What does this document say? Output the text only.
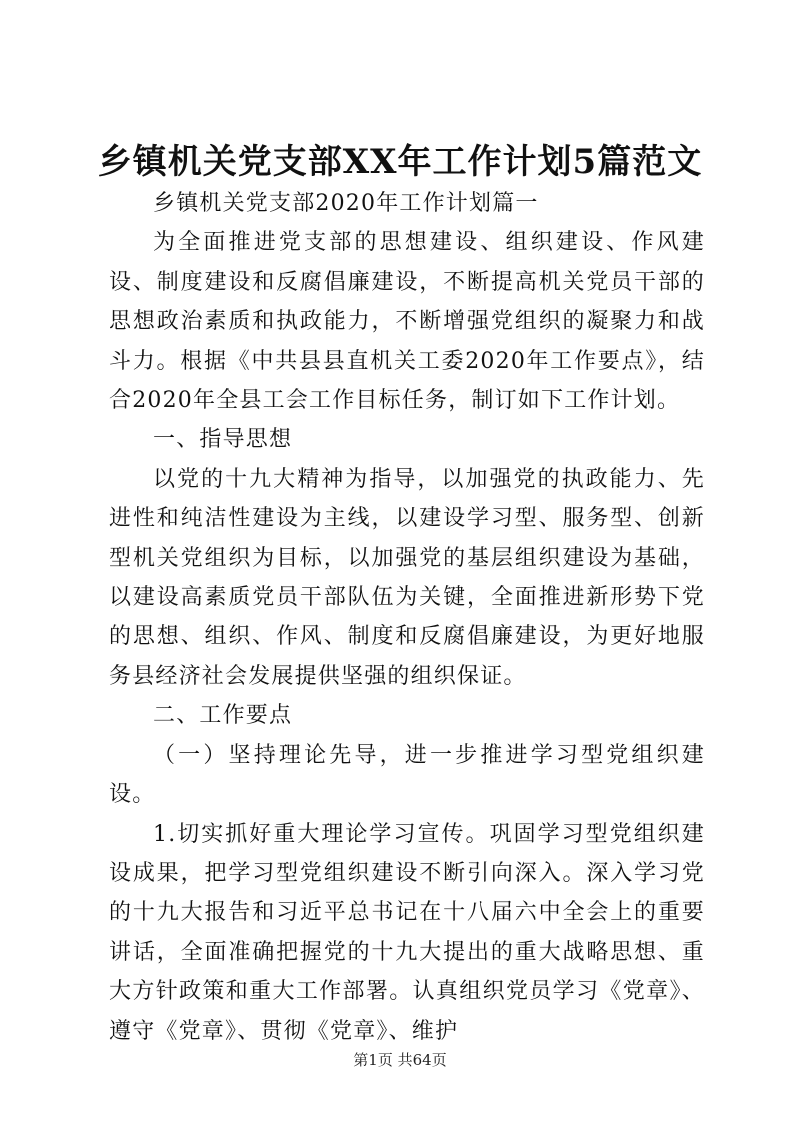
乡镇机关党支部XX年工作计划5篇范文

乡镇机关党支部2020年工作计划篇一

为全面推进党支部的思想建设、组织建设、作风建设、制度建设和反腐倡廉建设，不断提高机关党员干部的思想政治素质和执政能力，不断增强党组织的凝聚力和战斗力。根据《中共县县直机关工委2020年工作要点》，结合2020年全县工会工作目标任务，制订如下工作计划。

一、指导思想

以党的十九大精神为指导，以加强党的执政能力、先进性和纯洁性建设为主线，以建设学习型、服务型、创新型机关党组织为目标，以加强党的基层组织建设为基础，以建设高素质党员干部队伍为关键，全面推进新形势下党的思想、组织、作风、制度和反腐倡廉建设，为更好地服务县经济社会发展提供坚强的组织保证。

二、工作要点

（一）坚持理论先导，进一步推进学习型党组织建设。

1.切实抓好重大理论学习宣传。巩固学习型党组织建设成果，把学习型党组织建设不断引向深入。深入学习党的十九大报告和习近平总书记在十八届六中全会上的重要讲话，全面准确把握党的十九大提出的重大战略思想、重大方针政策和重大工作部署。认真组织党员学习《党章》、遵守《党章》、贯彻《党章》、维护

第1页 共64页
